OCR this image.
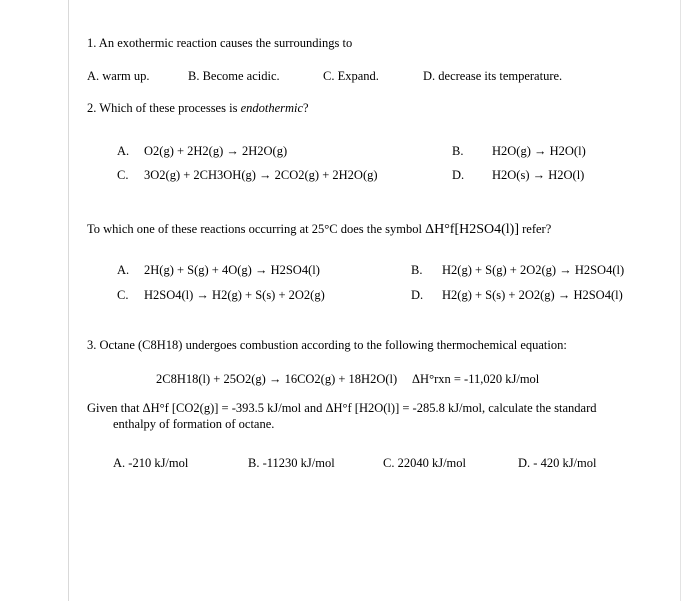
1. An exothermic reaction causes the surroundings to
A. warm up.	B. Become acidic.	C. Expand.	D. decrease its temperature.
2. Which of these processes is endothermic?
A. O2(g) + 2H2(g) → 2H2O(g)	B. H2O(g) → H2O(l)
C. 3O2(g) + 2CH3OH(g) → 2CO2(g) + 2H2O(g)	D. H2O(s) → H2O(l)
To which one of these reactions occurring at 25°C does the symbol ΔH°f[H2SO4(l)] refer?
A. 2H(g) + S(g) + 4O(g) → H2SO4(l)	B. H2(g) + S(g) + 2O2(g) → H2SO4(l)
C. H2SO4(l) → H2(g) + S(s) + 2O2(g)	D. H2(g) + S(s) + 2O2(g) → H2SO4(l)
3. Octane (C8H18) undergoes combustion according to the following thermochemical equation:
2C8H18(l) + 25O2(g) → 16CO2(g) + 18H2O(l) ΔH°rxn = -11,020 kJ/mol
Given that ΔH°f [CO2(g)] = -393.5 kJ/mol and ΔH°f [H2O(l)] = -285.8 kJ/mol, calculate the standard
enthalpy of formation of octane.
A. -210 kJ/mol	B. -11230 kJ/mol	C. 22040 kJ/mol	D. - 420 kJ/mol
